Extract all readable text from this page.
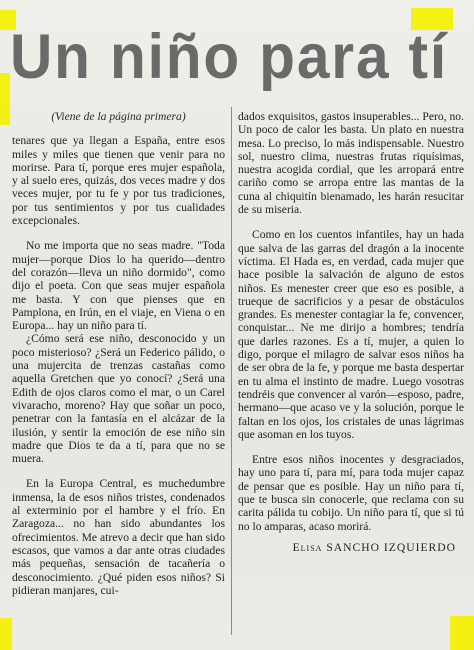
Un niño para tí

(Viene de la página primera)

tenares que ya llegan a España, entre esos miles y miles que tienen que venir para no morirse. Para tí, porque eres mujer española, y al suelo eres, quizás, dos veces madre y dos veces mujer, por tu fe y por tus tradiciones, por tus sentimientos y por tus cualidades excepcionales.

No me importa que no seas madre. "Toda mujer—porque Dios lo ha querido—dentro del corazón—lleva un niño dormido", como dijo el poeta. Con que seas mujer española me basta. Y con que pienses que en Pamplona, en Irún, en el viaje, en Viena o en Europa... hay un niño para tí.

¿Cómo será ese niño, desconocido y un poco misterioso? ¿Será un Federico pálido, o una mujercita de trenzas castañas como aquella Gretchen que yo conocí? ¿Será una Edith de ojos claros como el mar, o un Carel vivaracho, moreno? Hay que soñar un poco, penetrar con la fantasía en el alcázar de la ilusión, y sentir la emoción de ese niño sin madre que Dios te da a tí, para que no se muera.

En la Europa Central, es muchedumbre inmensa, la de esos niños tristes, condenados al exterminio por el hambre y el frío. En Zaragoza... no han sido abundantes los ofrecimientos. Me atrevo a decir que han sido escasos, que vamos a dar ante otras ciudades más pequeñas, sensación de tacañería o desconocimiento. ¿Qué piden esos niños? Si pidieran manjares, cui-

dados exquisitos, gastos insuperables... Pero, no. Un poco de calor les basta. Un plato en nuestra mesa. Lo preciso, lo más indispensable. Nuestro sol, nuestro clima, nuestras frutas riquísimas, nuestra acogida cordial, que les arropará entre cariño como se arropa entre las mantas de la cuna al chiquitín bienamado, les harán resucitar de su miseria.

Como en los cuentos infantiles, hay un hada que salva de las garras del dragón a la inocente víctima. El Hada es, en verdad, cada mujer que hace posible la salvación de alguno de estos niños. Es menester creer que eso es posible, a trueque de sacrificios y a pesar de obstáculos grandes. Es menester contagiar la fe, convencer, conquistar... Ne me dirijo a hombres; tendría que darles razones. Es a tí, mujer, a quien lo digo, porque el milagro de salvar esos niños ha de ser obra de la fe, y porque me basta despertar en tu alma el instinto de madre. Luego vosotras tendréis que convencer al varón—esposo, padre, hermano—que acaso ve y la solución, porque le faltan en los ojos, los cristales de unas lágrimas que asoman en los tuyos.

Entre esos niños inocentes y desgraciados, hay uno para tí, para mí, para toda mujer capaz de pensar que es posible. Hay un niño para tí, que te busca sin conocerle, que reclama con su carita pálida tu cobijo. Un niño para tí, que si tú no lo amparas, acaso morirá.

Elisa SANCHO IZQUIERDO
